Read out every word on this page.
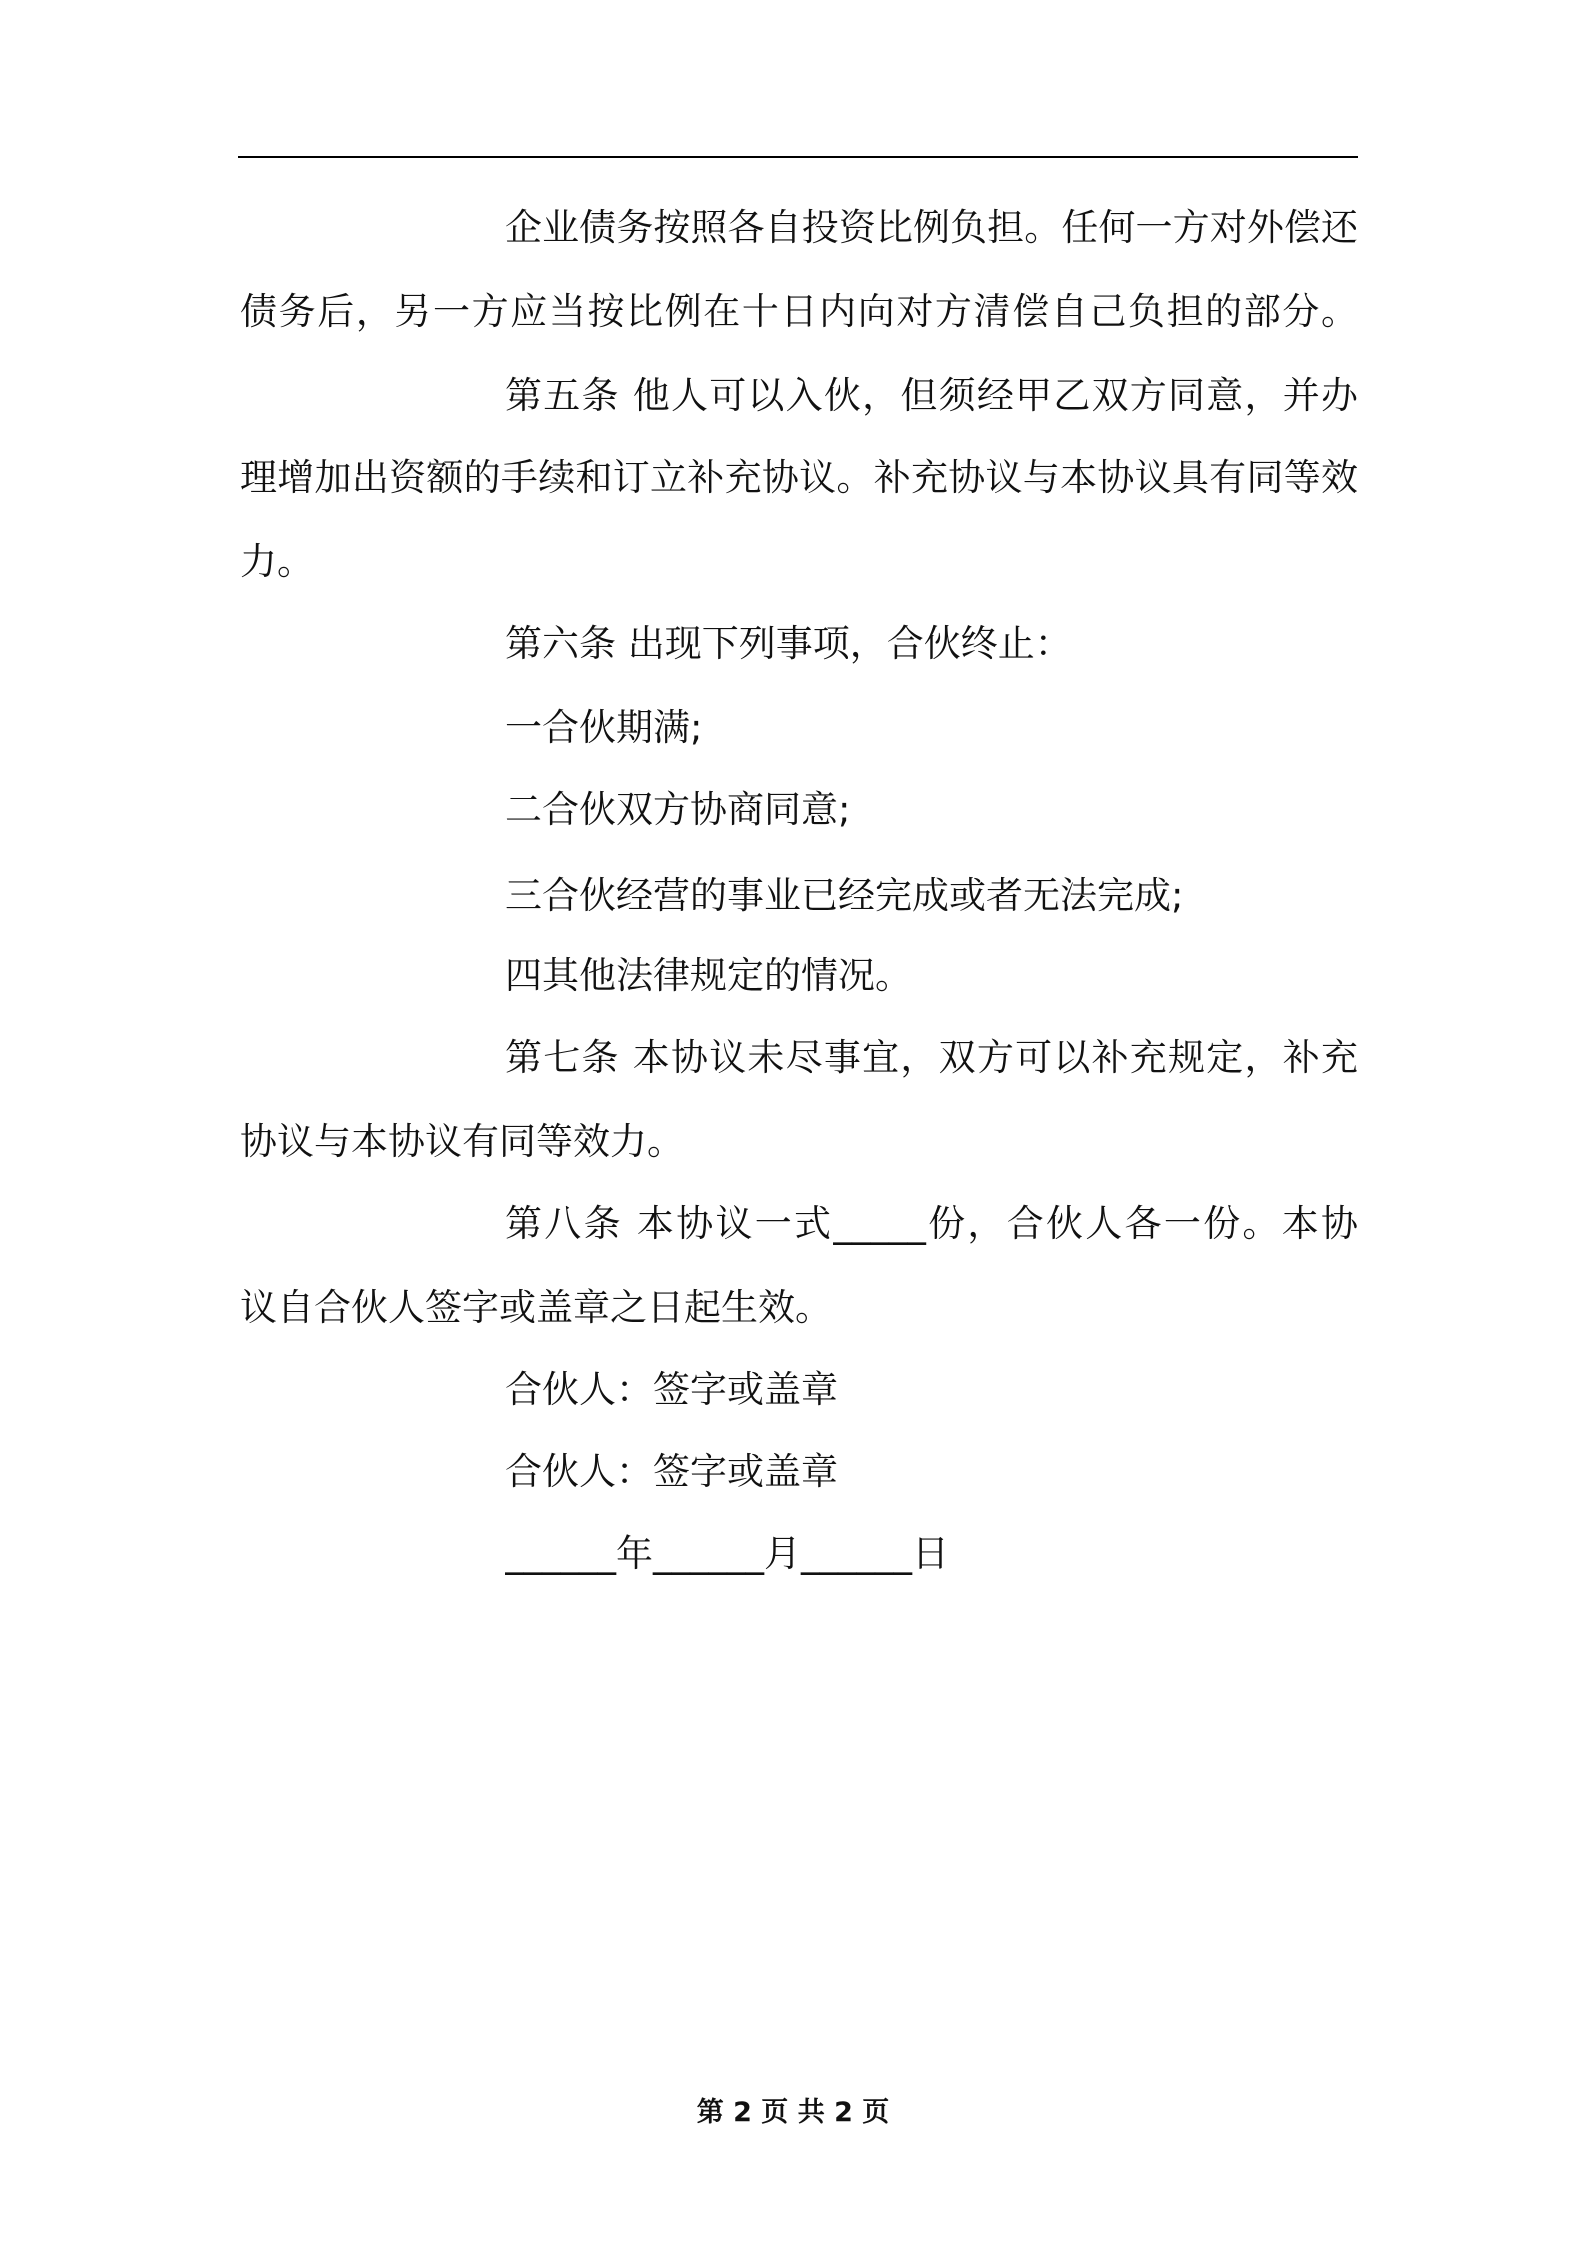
企业债务按照各自投资比例负担。任何一方对外偿还
债务后，另一方应当按比例在十日内向对方清偿自己负担的部分。
第五条 他人可以入伙，但须经甲乙双方同意，并办
理增加出资额的手续和订立补充协议。补充协议与本协议具有同等效
力。
第六条 出现下列事项，合伙终止：
一合伙期满;
二合伙双方协商同意;
三合伙经营的事业已经完成或者无法完成;
四其他法律规定的情况。
第七条 本协议未尽事宜，双方可以补充规定，补充
协议与本协议有同等效力。
第八条 本协议一式_____份，合伙人各一份。本协
议自合伙人签字或盖章之日起生效。
合伙人：签字或盖章
合伙人：签字或盖章
______年______月______日
第 2 页 共 2 页
